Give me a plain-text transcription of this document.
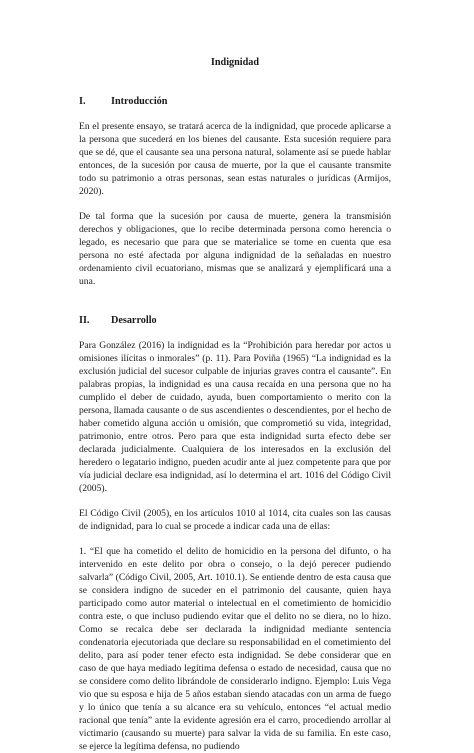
Indignidad
I.	Introducción

En el presente ensayo, se tratará acerca de la indignidad, que procede aplicarse a la persona que sucederá en los bienes del causante. Esta sucesión requiere para que se dé, que el causante sea una persona natural, solamente así se puede hablar entonces, de la sucesión por causa de muerte, por la que el causante transmite todo su patrimonio a otras personas, sean estas naturales o jurídicas (Armijos, 2020).

De tal forma que la sucesión por causa de muerte, genera la transmisión derechos y obligaciones, que lo recibe determinada persona como herencia o legado, es necesario que para que se materialice se tome en cuenta que esa persona no esté afectada por alguna indignidad de la señaladas en nuestro ordenamiento civil ecuatoriano, mismas que se analizará y ejemplificará una a una.

II.	Desarrollo

Para González (2016) la indignidad es la “Prohibición para heredar por actos u omisiones ilícitas o inmorales” (p. 11). Para Poviña (1965) “La indignidad es la exclusión judicial del sucesor culpable de injurias graves contra el causante”. En palabras propias, la indignidad es una causa recaída en una persona que no ha cumplido el deber de cuidado, ayuda, buen comportamiento o merito con la persona, llamada causante o de sus ascendientes o descendientes, por el hecho de haber cometido alguna acción u omisión, que comprometió su vida, integridad, patrimonio, entre otros. Pero para que esta indignidad surta efecto debe ser declarada judicialmente. Cualquiera de los interesados en la exclusión del heredero o legatario indigno, pueden acudir ante al juez competente para que por vía judicial declare esa indignidad, así lo determina el art. 1016 del Código Civil (2005).

El Código Civil (2005), en los artículos 1010 al 1014, cita cuales son las causas de indignidad, para lo cual se procede a indicar cada una de ellas:

1. “El que ha cometido el delito de homicidio en la persona del difunto, o ha intervenido en este delito por obra o consejo, o la dejó perecer pudiendo salvarla” (Código Civil, 2005, Art. 1010.1). Se entiende dentro de esta causa que se considera indigno de suceder en el patrimonio del causante, quien haya participado como autor material o intelectual en el cometimiento de homicidio contra este, o que incluso pudiendo evitar que el delito no se diera, no lo hizo. Como se recalca debe ser declarada la indignidad mediante sentencia condenatoria ejecutoriada que declare su responsabilidad en el cometimiento del delito, para así poder tener efecto esta indignidad. Se debe considerar que en caso de que haya mediado legítima defensa o estado de necesidad, causa que no se considere como delito librándole de considerarlo indigno. Ejemplo: Luis Vega vio que su esposa e hija de 5 años estaban siendo atacadas con un arma de fuego y lo único que tenía a su alcance era su vehículo, entonces “el actual medio racional que tenía” ante la evidente agresión era el carro, procediendo arrollar al victimario (causando su muerte) para salvar la vida de su familia. En este caso, se ejerce la legítima defensa, no pudiendo
